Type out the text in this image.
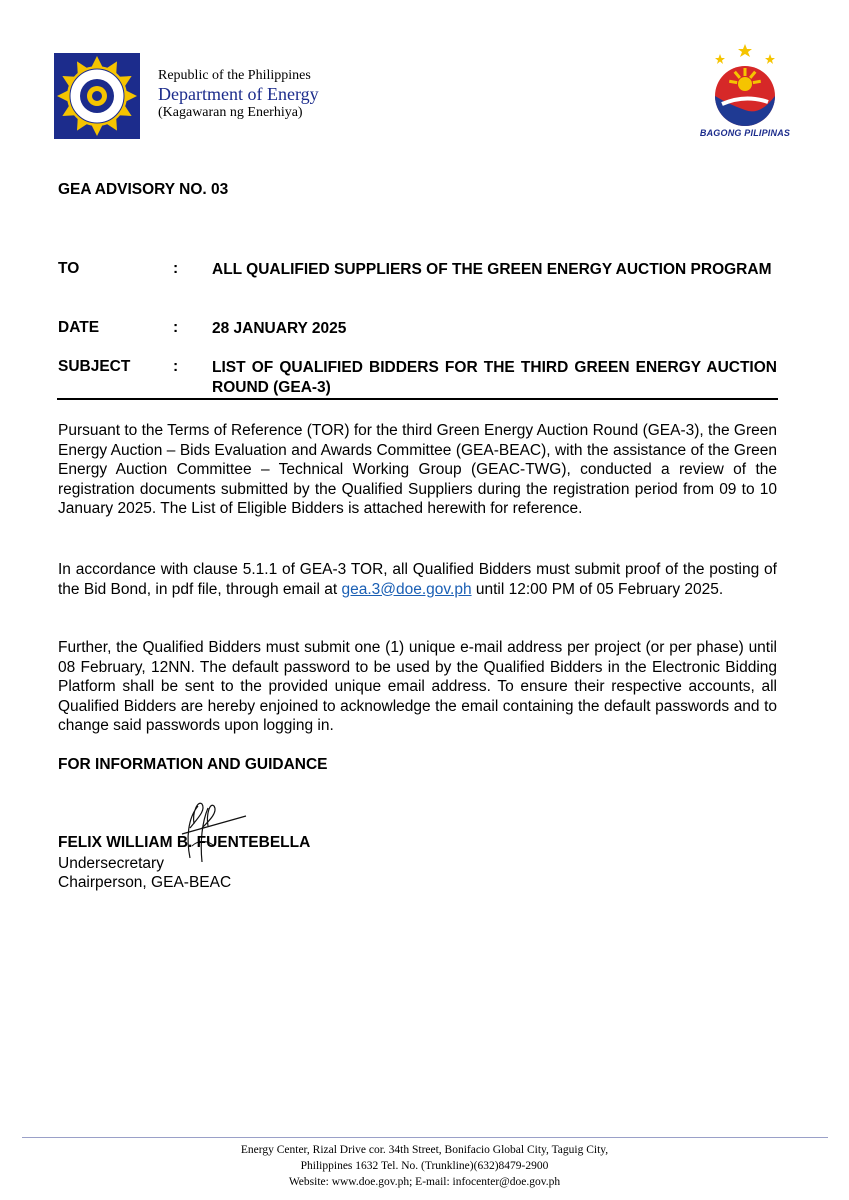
Republic of the Philippines
Department of Energy
(Kagawaran ng Enerhiya)
BAGONG PILIPINAS
GEA ADVISORY NO. 03
TO	: ALL QUALIFIED SUPPLIERS OF THE GREEN ENERGY AUCTION PROGRAM
DATE	: 28 JANUARY 2025
SUBJECT	: LIST OF QUALIFIED BIDDERS FOR THE THIRD GREEN ENERGY AUCTION ROUND (GEA-3)

Pursuant to the Terms of Reference (TOR) for the third Green Energy Auction Round (GEA-3), the Green Energy Auction – Bids Evaluation and Awards Committee (GEA-BEAC), with the assistance of the Green Energy Auction Committee – Technical Working Group (GEAC-TWG), conducted a review of the registration documents submitted by the Qualified Suppliers during the registration period from 09 to 10 January 2025. The List of Eligible Bidders is attached herewith for reference.

In accordance with clause 5.1.1 of GEA-3 TOR, all Qualified Bidders must submit proof of the posting of the Bid Bond, in pdf file, through email at gea.3@doe.gov.ph until 12:00 PM of 05 February 2025.

Further, the Qualified Bidders must submit one (1) unique e-mail address per project (or per phase) until 08 February, 12NN. The default password to be used by the Qualified Bidders in the Electronic Bidding Platform shall be sent to the provided unique email address. To ensure their respective accounts, all Qualified Bidders are hereby enjoined to acknowledge the email containing the default passwords and to change said passwords upon logging in.

FOR INFORMATION AND GUIDANCE
FELIX WILLIAM B. FUENTEBELLA
Undersecretary
Chairperson, GEA-BEAC
Energy Center, Rizal Drive cor. 34th Street, Bonifacio Global City, Taguig City,
Philippines 1632 Tel. No. (Trunkline)(632)8479-2900
Website: www.doe.gov.ph; E-mail: infocenter@doe.gov.ph
